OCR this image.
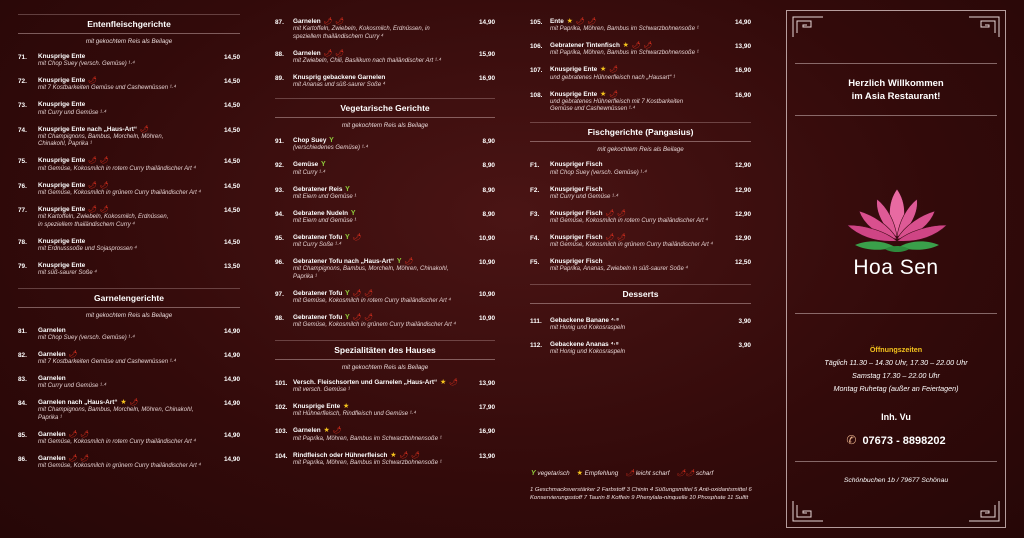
Entenfleischgerichte
mit gekochtem Reis als Beilage
71.	Knusprige Ente
mit Chop Suey (versch. Gemüse) ¹·⁴
14,50
72.	Knusprige Ente 🌶
mit 7 Kostbarkeiten Gemüse und Cashewnüssen ¹·⁴
14,50
73.	Knusprige Ente
mit Curry und Gemüse ¹·⁴
14,50
74.	Knusprige Ente nach „Haus-Art“ 🌶
mit Champignons, Bambus, Morcheln, Möhren,
Chinakohl, Paprika ¹
14,50
75.	Knusprige Ente 🌶 🌶
mit Gemüse, Kokosmilch in rotem Curry thailändischer Art ⁴
14,50
76.	Knusprige Ente 🌶 🌶
mit Gemüse, Kokosmilch in grünem Curry thailändischer Art ⁴
14,50
77.	Knusprige Ente 🌶 🌶
mit Kartoffeln, Zwiebeln, Kokosmilch, Erdnüssen,
in speziellem thailändischem Curry ⁴
14,50
78.	Knusprige Ente
mit Erdnusssoße und Sojasprossen ⁴
14,50
79.	Knusprige Ente
mit süß-saurer Soße ⁴
13,50
Garnelengerichte
mit gekochtem Reis als Beilage
81.	Garnelen
mit Chop Suey (versch. Gemüse) ¹·⁴
14,90
82.	Garnelen 🌶
mit 7 Kostbarkeiten Gemüse und Cashewnüssen ¹·⁴
14,90
83.	Garnelen
mit Curry und Gemüse ¹·⁴
14,90
84.	Garnelen nach „Haus-Art“ ★ 🌶
mit Champignons, Bambus, Morcheln, Möhren, Chinakohl, Paprika ¹
14,90
85.	Garnelen 🌶 🌶
mit Gemüse, Kokosmilch in rotem Curry thailändischer Art ⁴
14,90
86.	Garnelen 🌶 🌶
mit Gemüse, Kokosmilch in grünem Curry thailändischer Art ⁴
14,90
87.	Garnelen 🌶 🌶
mit Kartoffeln, Zwiebeln, Kokosmilch, Erdnüssen, in
speziellem thailändischem Curry ⁴
14,90
88.	Garnelen 🌶 🌶
mit Zwiebeln, Chili, Basilikum nach thailändischer Art ¹·⁴
15,90
89.	Knusprig gebackene Garnelen
mit Ananas und süß-saurer Soße ⁴
16,90
Vegetarische Gerichte
mit gekochtem Reis als Beilage
91.	Chop Suey Y
(verschiedenes Gemüse) ¹·⁴
8,90
92.	Gemüse Y
mit Curry ¹·⁴
8,90
93.	Gebratener Reis Y
mit Eiern und Gemüse ¹
8,90
94.	Gebratene Nudeln Y
mit Eiern und Gemüse ¹
8,90
95.	Gebratener Tofu Y 🌶
mit Curry Soße ¹·⁴
10,90
96.	Gebratener Tofu nach „Haus-Art“ Y 🌶
mit Champignons, Bambus, Morcheln, Möhren, Chinakohl, Paprika ¹
10,90
97.	Gebratener Tofu Y 🌶 🌶
mit Gemüse, Kokosmilch in rotem Curry thailändischer Art ⁴
10,90
98.	Gebratener Tofu Y 🌶 🌶
mit Gemüse, Kokosmilch in grünem Curry thailändischer Art ⁴
10,90
Spezialitäten des Hauses
mit gekochtem Reis als Beilage
101. Versch. Fleischsorten und Garnelen „Haus-Art“ ★ 🌶
mit versch. Gemüse ¹
13,90
102. Knusprige Ente ★
mit Hühnerfleisch, Rindfleisch und Gemüse ¹·⁴
17,90
103. Garnelen ★ 🌶
mit Paprika, Möhren, Bambus im Schwarzbohnensoße ¹
16,90
104. Rindfleisch oder Hühnerfleisch ★ 🌶 🌶
mit Paprika, Möhren, Bambus im Schwarzbohnensoße ¹
13,90
105.	Ente ★ 🌶 🌶
mit Paprika, Möhren, Bambus im Schwarzbohnensoße ¹
14,90
106.	Gebratener Tintenfisch ★ 🌶 🌶
mit Paprika, Möhren, Bambus im Schwarzbohnensoße ¹
13,90
107.	Knusprige Ente ★ 🌶
und gebratenes Hühnerfleisch nach „Hausart“ ¹
16,90
108.	Knusprige Ente ★ 🌶
und gebratenes Hühnerfleisch mit 7 Kostbarkeiten
Gemüse und Cashewnüssen ¹·⁴
16,90
Fischgerichte (Pangasius)
mit gekochtem Reis als Beilage
F1.	Knuspriger Fisch
mit Chop Suey (versch. Gemüse) ¹·⁴
12,90
F2.	Knuspriger Fisch
mit Curry und Gemüse ¹·⁴
12,90
F3.	Knuspriger Fisch 🌶 🌶
mit Gemüse, Kokosmilch in rotem Curry thailändischer Art ⁴
12,90
F4.	Knuspriger Fisch 🌶 🌶
mit Gemüse, Kokosmilch in grünem Curry thailändischer Art ⁴
12,90
F5.	Knuspriger Fisch
mit Paprika, Ananas, Zwiebeln in süß-saurer Soße ⁴
12,50
Desserts
111.	Gebackene Banane ⁴·⁸
mit Honig und Kokosraspeln
3,90
112.	Gebackene Ananas ⁴·⁸
mit Honig und Kokosraspeln
3,90
Y vegetarisch ★ Empfehlung 🌶 leicht scharf 🌶🌶 scharf
1 Geschmacksverstärker 2 Farbstoff 3 Chinin 4 Süßungsmittel 5 Anti-oxidantsmittel 6 Konservierungsstoff 7 Taurin 8 Koffein 9 Phenylala-ninquelle 10 Phosphate 11 Sulfit
Herzlich Willkommen
im Asia Restaurant!
Hoa Sen
Öffnungszeiten
Täglich 11.30 – 14.30 Uhr, 17.30 – 22.00 Uhr
Samstag 17.30 – 22.00 Uhr
Montag Ruhetag (außer an Feiertagen)
Inh. Vu
✆ 07673 - 8898202
Schönbuchen 1b / 79677 Schönau
